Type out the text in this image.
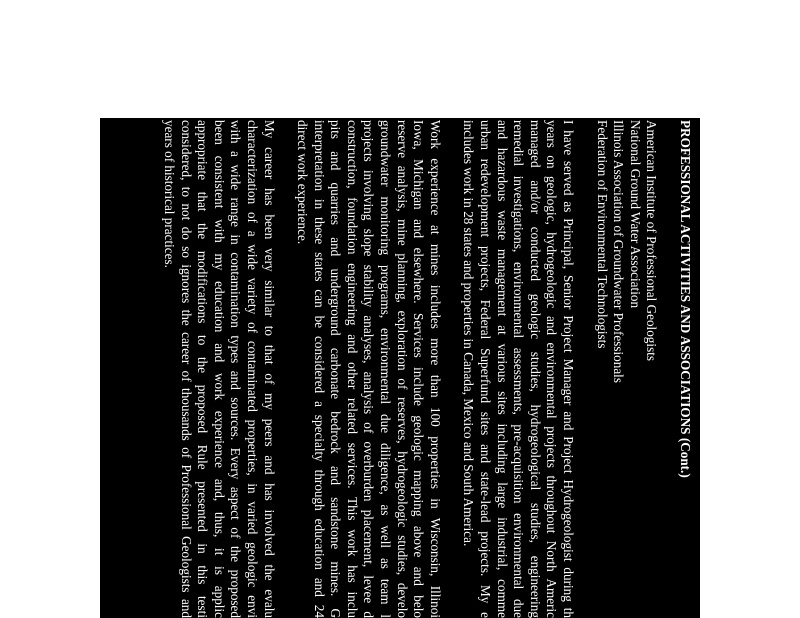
PROFESSIONAL ACTIVITIES AND ASSOCIATIONS (Cont.)
American Institute of Professional Geologists
National Ground Water Association
Illinois Association of Groundwater Professionals
Federation of Environmental Technologists
I have served as Principal, Senior Project Manager and Project Hydrogeologist during th
years on geologic, hydrogeologic and environmental projects throughout North Americ
managed and/or conducted geologic studies, hydrogeological studies, engineering
remedial investigations, environmental assessments, pre-acquisition environmental due
and hazardous waste management at various sites including large industrial, comme
urban redevelopment projects, Federal Superfund sites and state-lead projects. My e
includes work in 28 states and properties in Canada, Mexico and South America.
Work experience at mines includes more than 100 properties in Wisconsin, Illinoi
Iowa, Michigan and elsewhere. Services include geologic mapping above and belo
reserve analysis, mine planning, exploration of reserves, hydrogeologic studies, develo
groundwater monitoring programs, environmental due diligence, as well as team l
projects involving slope stability analyses, analysis of overburden placement, levee d
construction, foundation engineering and other related services. This work has inclu
pits and quarries and underground carbonate bedrock and sandstone mines. G
interpretation in these states can be considered a specialty through education and 24
direct work experience.
My career has been very similar to that of my peers and has involved the evalu
characterization of a wide variety of contaminated properties, in varied geologic envi
with a wide range in contamination types and sources. Every aspect of the proposed
been consistent with my education and work experience and, thus, it is applic
appropriate that the modifications to the proposed Rule presented in this testi
considered, to not do so ignores the career of thousands of Professional Geologists and
years of historical practices.
